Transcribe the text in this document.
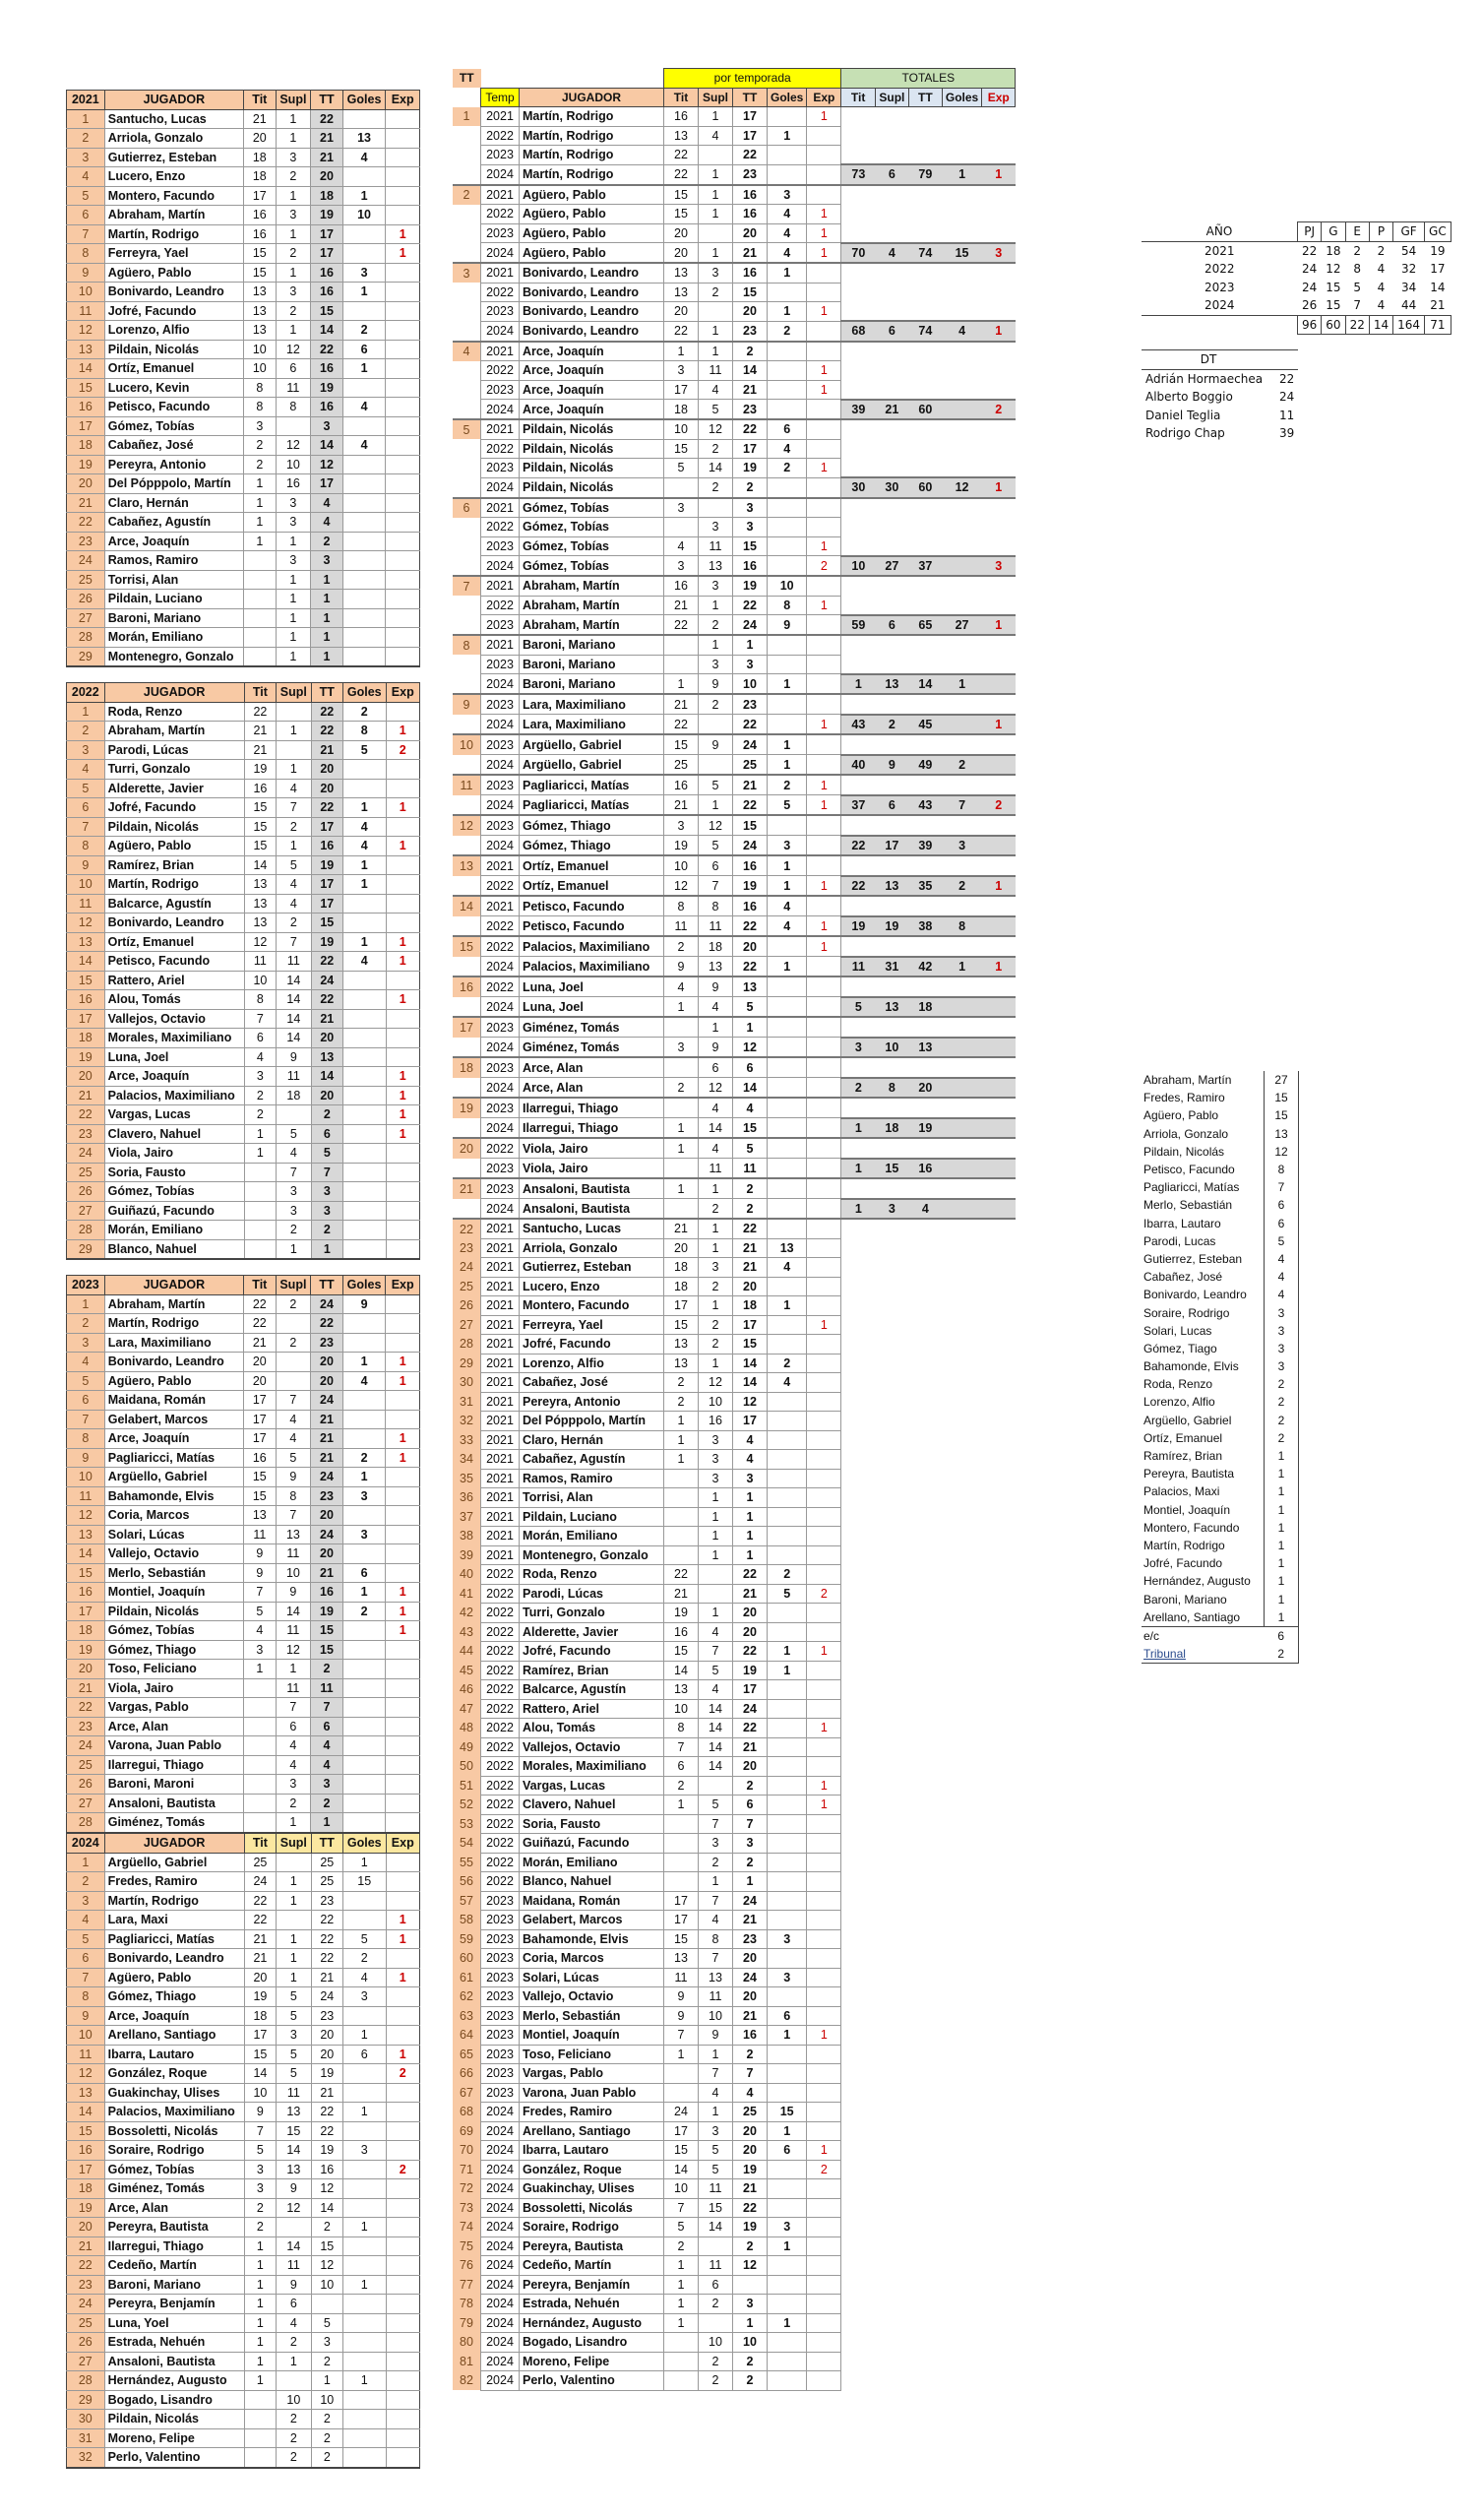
2021	JUGADOR	Tit	Supl	TT	Goles	Exp
1	Santucho, Lucas	21	1	22		
2	Arriola, Gonzalo	20	1	21	13	
3	Gutierrez, Esteban	18	3	21	4	
4	Lucero, Enzo	18	2	20		
5	Montero, Facundo	17	1	18	1	
6	Abraham, Martín	16	3	19	10	
7	Martín, Rodrigo	16	1	17		1
8	Ferreyra, Yael	15	2	17		1
9	Agüero, Pablo	15	1	16	3	
10	Bonivardo, Leandro	13	3	16	1	
11	Jofré, Facundo	13	2	15		
12	Lorenzo, Alfio	13	1	14	2	
13	Pildain, Nicolás	10	12	22	6	
14	Ortíz, Emanuel	10	6	16	1	
15	Lucero, Kevin	8	11	19		
16	Petisco, Facundo	8	8	16	4	
17	Gómez, Tobías	3		3		
18	Cabañez, José	2	12	14	4	
19	Pereyra, Antonio	2	10	12		
20	Del Pópppolo, Martín	1	16	17		
21	Claro, Hernán	1	3	4		
22	Cabañez, Agustín	1	3	4		
23	Arce, Joaquín	1	1	2		
24	Ramos, Ramiro		3	3		
25	Torrisi, Alan		1	1		
26	Pildain, Luciano		1	1		
27	Baroni, Mariano		1	1		
28	Morán, Emiliano		1	1		
29	Montenegro, Gonzalo		1	1		
2022	JUGADOR	Tit	Supl	TT	Goles	Exp
1	Roda, Renzo	22		22	2	
2	Abraham, Martín	21	1	22	8	1
3	Parodi, Lúcas	21		21	5	2
4	Turri, Gonzalo	19	1	20		
5	Alderette, Javier	16	4	20		
6	Jofré, Facundo	15	7	22	1	1
7	Pildain, Nicolás	15	2	17	4	
8	Agüero, Pablo	15	1	16	4	1
9	Ramírez, Brian	14	5	19	1	
10	Martín, Rodrigo	13	4	17	1	
11	Balcarce, Agustín	13	4	17		
12	Bonivardo, Leandro	13	2	15		
13	Ortíz, Emanuel	12	7	19	1	1
14	Petisco, Facundo	11	11	22	4	1
15	Rattero, Ariel	10	14	24		
16	Alou, Tomás	8	14	22		1
17	Vallejos, Octavio	7	14	21		
18	Morales, Maximiliano	6	14	20		
19	Luna, Joel	4	9	13		
20	Arce, Joaquín	3	11	14		1
21	Palacios, Maximiliano	2	18	20		1
22	Vargas, Lucas	2		2		1
23	Clavero, Nahuel	1	5	6		1
24	Viola, Jairo	1	4	5		
25	Soria, Fausto		7	7		
26	Gómez, Tobías		3	3		
27	Guiñazú, Facundo		3	3		
28	Morán, Emiliano		2	2		
29	Blanco, Nahuel		1	1		
2023	JUGADOR	Tit	Supl	TT	Goles	Exp
1	Abraham, Martín	22	2	24	9	
2	Martín, Rodrigo	22		22		
3	Lara, Maximiliano	21	2	23		
4	Bonivardo, Leandro	20		20	1	1
5	Agüero, Pablo	20		20	4	1
6	Maidana, Román	17	7	24		
7	Gelabert, Marcos	17	4	21		
8	Arce, Joaquín	17	4	21		1
9	Pagliaricci, Matías	16	5	21	2	1
10	Argüello, Gabriel	15	9	24	1	
11	Bahamonde, Elvis	15	8	23	3	
12	Coria, Marcos	13	7	20		
13	Solari, Lúcas	11	13	24	3	
14	Vallejo, Octavio	9	11	20		
15	Merlo, Sebastián	9	10	21	6	
16	Montiel, Joaquín	7	9	16	1	1
17	Pildain, Nicolás	5	14	19	2	1
18	Gómez, Tobías	4	11	15		1
19	Gómez, Thiago	3	12	15		
20	Toso, Feliciano	1	1	2		
21	Viola, Jairo		11	11		
22	Vargas, Pablo		7	7		
23	Arce, Alan		6	6		
24	Varona, Juan Pablo		4	4		
25	Ilarregui, Thiago		4	4		
26	Baroni, Maroni		3	3		
27	Ansaloni, Bautista		2	2		
28	Giménez, Tomás		1	1		
2024	JUGADOR	Tit	Supl	TT	Goles	Exp
1	Argüello, Gabriel	25		25	1	
2	Fredes, Ramiro	24	1	25	15	
3	Martín, Rodrigo	22	1	23		
4	Lara, Maxi	22		22		1
5	Pagliaricci, Matías	21	1	22	5	1
6	Bonivardo, Leandro	21	1	22	2	
7	Agüero, Pablo	20	1	21	4	1
8	Gómez, Thiago	19	5	24	3	
9	Arce, Joaquín	18	5	23		
10	Arellano, Santiago	17	3	20	1	
11	Ibarra, Lautaro	15	5	20	6	1
12	González, Roque	14	5	19		2
13	Guakinchay, Ulises	10	11	21		
14	Palacios, Maximiliano	9	13	22	1	
15	Bossoletti, Nicolás	7	15	22		
16	Soraire, Rodrigo	5	14	19	3	
17	Gómez, Tobías	3	13	16		2
18	Giménez, Tomás	3	9	12		
19	Arce, Alan	2	12	14		
20	Pereyra, Bautista	2		2	1	
21	Ilarregui, Thiago	1	14	15		
22	Cedeño, Martín	1	11	12		
23	Baroni, Mariano	1	9	10	1	
24	Pereyra, Benjamín	1	6			
25	Luna, Yoel	1	4	5		
26	Estrada, Nehuén	1	2	3		
27	Ansaloni, Bautista	1	1	2		
28	Hernández, Augusto	1		1	1	
29	Bogado, Lisandro		10	10		
30	Pildain, Nicolás		2	2		
31	Moreno, Felipe		2	2		
32	Perlo, Valentino		2	2		
TT			por temporada					TOTALES				
	Temp	JUGADOR	Tit	Supl	TT	Goles	Exp	Tit	Supl	TT	Goles	Exp
1	2021	Martín, Rodrigo	16	1	17		1					
	2022	Martín, Rodrigo	13	4	17	1						
	2023	Martín, Rodrigo	22		22							
	2024	Martín, Rodrigo	22	1	23			73	6	79	1	1
2	2021	Agüero, Pablo	15	1	16	3						
	2022	Agüero, Pablo	15	1	16	4	1					
	2023	Agüero, Pablo	20		20	4	1					
	2024	Agüero, Pablo	20	1	21	4	1	70	4	74	15	3
3	2021	Bonivardo, Leandro	13	3	16	1						
	2022	Bonivardo, Leandro	13	2	15							
	2023	Bonivardo, Leandro	20		20	1	1					
	2024	Bonivardo, Leandro	22	1	23	2		68	6	74	4	1
4	2021	Arce, Joaquín	1	1	2							
	2022	Arce, Joaquín	3	11	14		1					
	2023	Arce, Joaquín	17	4	21		1					
	2024	Arce, Joaquín	18	5	23			39	21	60		2
5	2021	Pildain, Nicolás	10	12	22	6						
	2022	Pildain, Nicolás	15	2	17	4						
	2023	Pildain, Nicolás	5	14	19	2	1					
	2024	Pildain, Nicolás		2	2			30	30	60	12	1
6	2021	Gómez, Tobías	3		3							
	2022	Gómez, Tobías		3	3							
	2023	Gómez, Tobías	4	11	15		1					
	2024	Gómez, Tobías	3	13	16		2	10	27	37		3
7	2021	Abraham, Martín	16	3	19	10						
	2022	Abraham, Martín	21	1	22	8	1					
	2023	Abraham, Martín	22	2	24	9		59	6	65	27	1
8	2021	Baroni, Mariano		1	1							
	2023	Baroni, Mariano		3	3							
	2024	Baroni, Mariano	1	9	10	1		1	13	14	1	
9	2023	Lara, Maximiliano	21	2	23							
	2024	Lara, Maximiliano	22		22		1	43	2	45		1
10	2023	Argüello, Gabriel	15	9	24	1						
	2024	Argüello, Gabriel	25		25	1		40	9	49	2	
11	2023	Pagliaricci, Matías	16	5	21	2	1					
	2024	Pagliaricci, Matías	21	1	22	5	1	37	6	43	7	2
12	2023	Gómez, Thiago	3	12	15							
	2024	Gómez, Thiago	19	5	24	3		22	17	39	3	
13	2021	Ortíz, Emanuel	10	6	16	1						
	2022	Ortíz, Emanuel	12	7	19	1	1	22	13	35	2	1
14	2021	Petisco, Facundo	8	8	16	4						
	2022	Petisco, Facundo	11	11	22	4	1	19	19	38	8	
15	2022	Palacios, Maximiliano	2	18	20		1					
	2024	Palacios, Maximiliano	9	13	22	1		11	31	42	1	1
16	2022	Luna, Joel	4	9	13							
	2024	Luna, Joel	1	4	5			5	13	18		
17	2023	Giménez, Tomás		1	1							
	2024	Giménez, Tomás	3	9	12			3	10	13		
18	2023	Arce, Alan		6	6							
	2024	Arce, Alan	2	12	14			2	8	20		
19	2023	Ilarregui, Thiago		4	4							
	2024	Ilarregui, Thiago	1	14	15			1	18	19		
20	2022	Viola, Jairo	1	4	5							
	2023	Viola, Jairo		11	11			1	15	16		
21	2023	Ansaloni, Bautista	1	1	2							
	2024	Ansaloni, Bautista		2	2			1	3	4		
22	2021	Santucho, Lucas	21	1	22							
23	2021	Arriola, Gonzalo	20	1	21	13						
24	2021	Gutierrez, Esteban	18	3	21	4						
25	2021	Lucero, Enzo	18	2	20							
26	2021	Montero, Facundo	17	1	18	1						
27	2021	Ferreyra, Yael	15	2	17		1					
28	2021	Jofré, Facundo	13	2	15							
29	2021	Lorenzo, Alfio	13	1	14	2						
30	2021	Cabañez, José	2	12	14	4						
31	2021	Pereyra, Antonio	2	10	12							
32	2021	Del Pópppolo, Martín	1	16	17							
33	2021	Claro, Hernán	1	3	4							
34	2021	Cabañez, Agustín	1	3	4							
35	2021	Ramos, Ramiro		3	3							
36	2021	Torrisi, Alan		1	1							
37	2021	Pildain, Luciano		1	1							
38	2021	Morán, Emiliano		1	1							
39	2021	Montenegro, Gonzalo		1	1							
40	2022	Roda, Renzo	22		22	2						
41	2022	Parodi, Lúcas	21		21	5	2					
42	2022	Turri, Gonzalo	19	1	20							
43	2022	Alderette, Javier	16	4	20							
44	2022	Jofré, Facundo	15	7	22	1	1					
45	2022	Ramírez, Brian	14	5	19	1						
46	2022	Balcarce, Agustín	13	4	17							
47	2022	Rattero, Ariel	10	14	24							
48	2022	Alou, Tomás	8	14	22		1					
49	2022	Vallejos, Octavio	7	14	21							
50	2022	Morales, Maximiliano	6	14	20							
51	2022	Vargas, Lucas	2		2		1					
52	2022	Clavero, Nahuel	1	5	6		1					
53	2022	Soria, Fausto		7	7							
54	2022	Guiñazú, Facundo		3	3							
55	2022	Morán, Emiliano		2	2							
56	2022	Blanco, Nahuel		1	1							
57	2023	Maidana, Román	17	7	24							
58	2023	Gelabert, Marcos	17	4	21							
59	2023	Bahamonde, Elvis	15	8	23	3						
60	2023	Coria, Marcos	13	7	20							
61	2023	Solari, Lúcas	11	13	24	3						
62	2023	Vallejo, Octavio	9	11	20							
63	2023	Merlo, Sebastián	9	10	21	6						
64	2023	Montiel, Joaquín	7	9	16	1	1					
65	2023	Toso, Feliciano	1	1	2							
66	2023	Vargas, Pablo		7	7							
67	2023	Varona, Juan Pablo		4	4							
68	2024	Fredes, Ramiro	24	1	25	15						
69	2024	Arellano, Santiago	17	3	20	1						
70	2024	Ibarra, Lautaro	15	5	20	6	1					
71	2024	González, Roque	14	5	19		2					
72	2024	Guakinchay, Ulises	10	11	21							
73	2024	Bossoletti, Nicolás	7	15	22							
74	2024	Soraire, Rodrigo	5	14	19	3						
75	2024	Pereyra, Bautista	2		2	1						
76	2024	Cedeño, Martín	1	11	12							
77	2024	Pereyra, Benjamín	1	6								
78	2024	Estrada, Nehuén	1	2	3							
79	2024	Hernández, Augusto	1		1	1						
80	2024	Bogado, Lisandro		10	10							
81	2024	Moreno, Felipe		2	2							
82	2024	Perlo, Valentino		2	2							
AÑO	PJ	G	E	P	GF	GC
2021	22	18	2	2	54	19
2022	24	12	8	4	32	17
2023	24	15	5	4	34	14
2024	26	15	7	4	44	21
	96	60	22	14	164	71
DT	
Adrián Hormaechea	22
Alberto Boggio	24
Daniel Teglia	11
Rodrigo Chap	39
Abraham, Martín	27
Fredes, Ramiro	15
Agüero, Pablo	15
Arriola, Gonzalo	13
Pildain, Nicolás	12
Petisco, Facundo	8
Pagliaricci, Matías	7
Merlo, Sebastián	6
Ibarra, Lautaro	6
Parodi, Lucas	5
Gutierrez, Esteban	4
Cabañez, José	4
Bonivardo, Leandro	4
Soraire, Rodrigo	3
Solari, Lucas	3
Gómez, Tiago	3
Bahamonde, Elvis	3
Roda, Renzo	2
Lorenzo, Alfio	2
Argüello, Gabriel	2
Ortíz, Emanuel	2
Ramírez, Brian	1
Pereyra, Bautista	1
Palacios, Maxi	1
Montiel, Joaquín	1
Montero, Facundo	1
Martín, Rodrigo	1
Jofré, Facundo	1
Hernández, Augusto	1
Baroni, Mariano	1
Arellano, Santiago	1
e/c	6
Tribunal	2
